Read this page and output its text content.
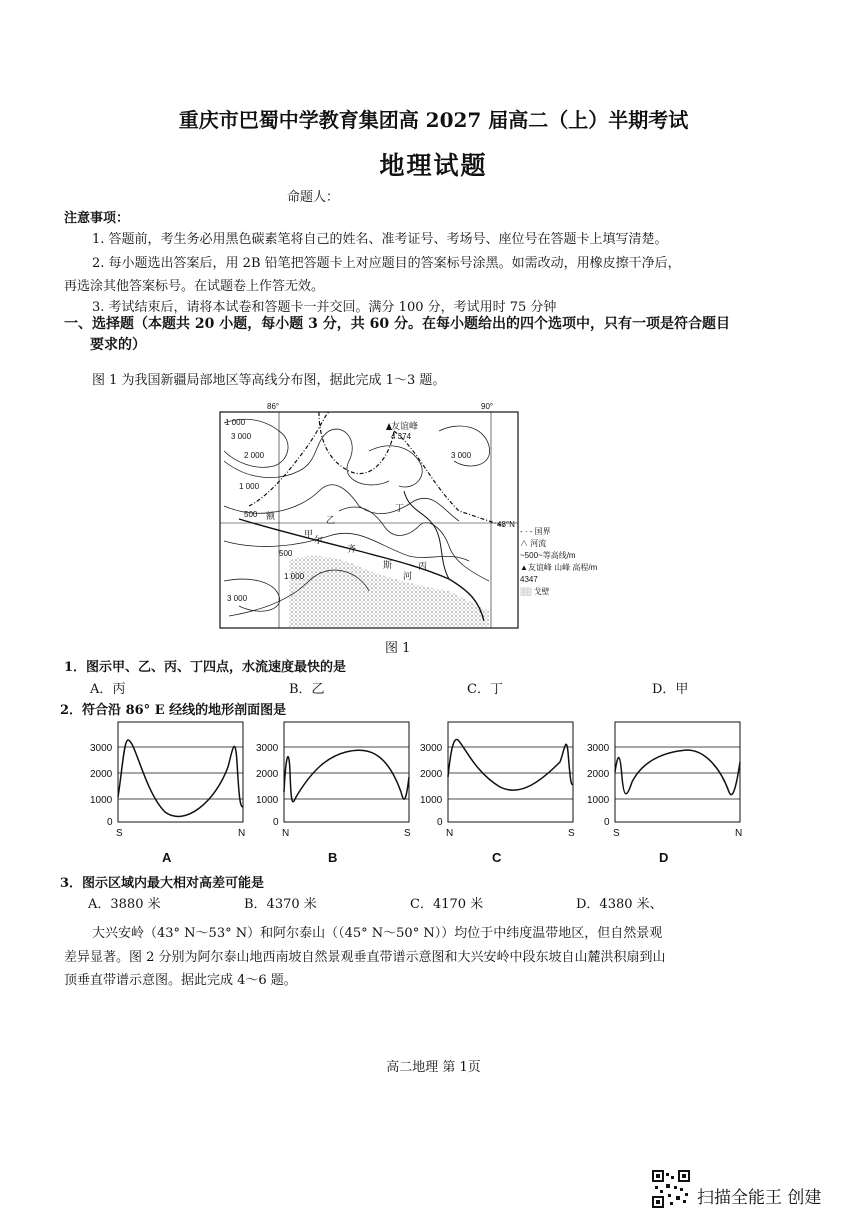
重庆市巴蜀中学教育集团高 2027 届高二（上）半期考试
地理试题
命题人：
注意事项：
1. 答题前，考生务必用黑色碳素笔将自己的姓名、准考证号、考场号、座位号在答题卡上填写清楚。
2. 每小题选出答案后，用 2B 铅笔把答题卡上对应题目的答案标号涂黑。如需改动，用橡皮擦干净后，
再选涂其他答案标号。在试题卷上作答无效。
3. 考试结束后，请将本试卷和答题卡一并交回。满分 100 分，考试用时 75 分钟
一、选择题（本题共 20 小题，每小题 3 分，共 60 分。在每小题给出的四个选项中，只有一项是符合题目
要求的）
图 1 为我国新疆局部地区等高线分布图，据此完成 1～3 题。
86°	90°
3 000
1 000
2 000
1 000
500
500
1 000
3 000
3 000
友谊峰
4 374
甲
乙
丙
丁
额
尔
齐
斯
河
48°N
- · - 国界
∧ 河流
~500~等高线/m
▲友谊峰 山峰 高程/m
4347
░░ 戈壁
图 1
1．图示甲、乙、丙、丁四点，水流速度最快的是
A．丙	B．乙	C．丁	D．甲
2．符合沿 86° E 经线的地形剖面图是
3000
2000
1000
0
S	N
A
3000
2000
1000
0
N	S
B
3000
2000
1000
0
N	S
C
3000
2000
1000
0
S	N
D
3．图示区域内最大相对高差可能是
A．3880 米	B．4370 米	C．4170 米	D．4380 米、
大兴安岭（43° N～53° N）和阿尔泰山（（45° N～50° N））均位于中纬度温带地区，但自然景观
差异显著。图 2 分别为阿尔泰山地西南坡自然景观垂直带谱示意图和大兴安岭中段东坡自山麓洪积扇到山
顶垂直带谱示意图。据此完成 4～6 题。
高二地理 第 1页
扫描全能王 创建
